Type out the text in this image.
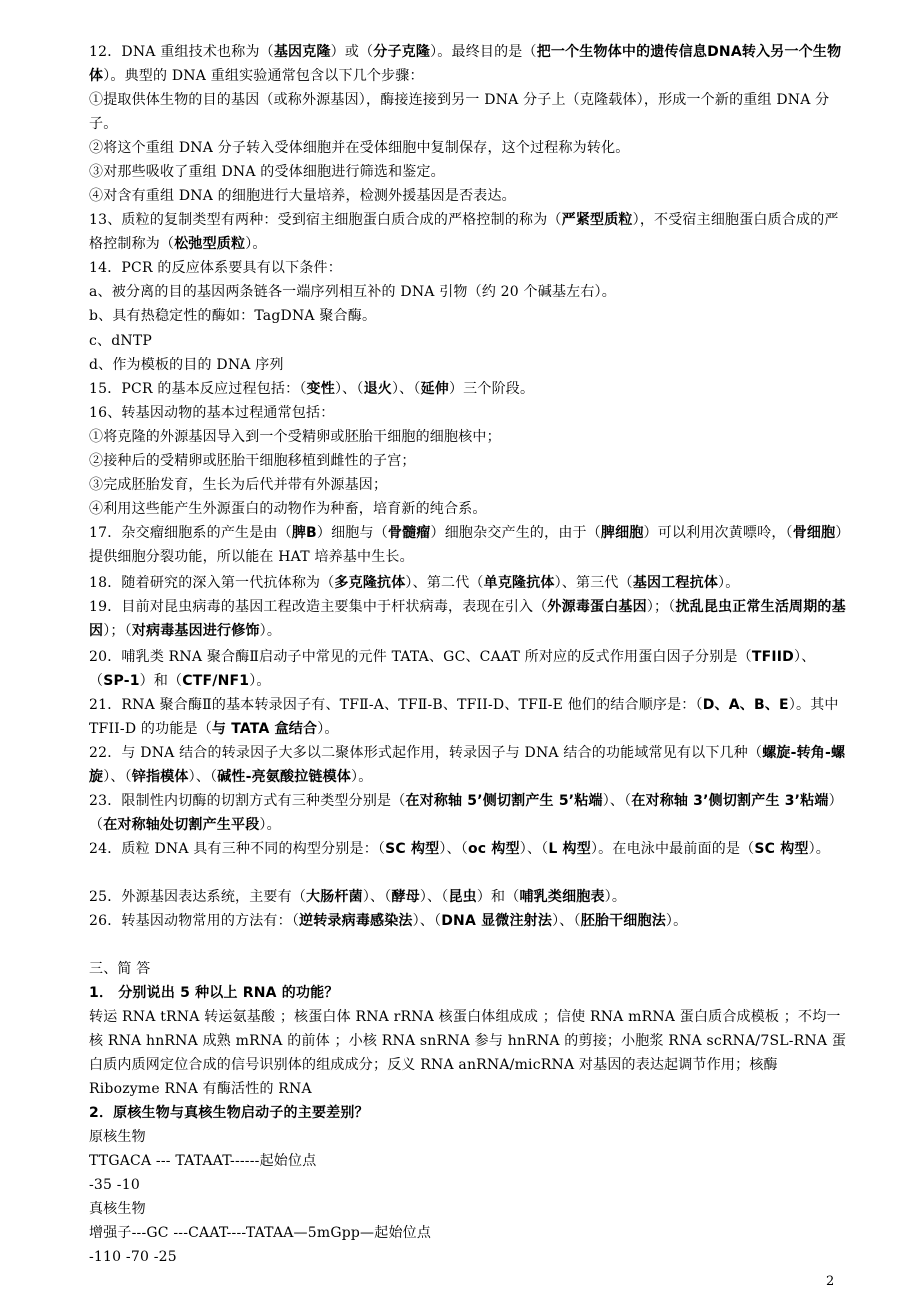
12．DNA 重组技术也称为（基因克隆）或（分子克隆）。最终目的是（把一个生物体中的遗传信息DNA转入另一个生物体）。典型的 DNA 重组实验通常包含以下几个步骤：
①提取供体生物的目的基因（或称外源基因），酶接连接到另一 DNA 分子上（克隆载体），形成一个新的重组 DNA 分子。
②将这个重组 DNA 分子转入受体细胞并在受体细胞中复制保存，这个过程称为转化。
③对那些吸收了重组 DNA 的受体细胞进行筛选和鉴定。
④对含有重组 DNA 的细胞进行大量培养，检测外援基因是否表达。
13、质粒的复制类型有两种：受到宿主细胞蛋白质合成的严格控制的称为（严紧型质粒），不受宿主细胞蛋白质合成的严格控制称为（松弛型质粒）。
14．PCR 的反应体系要具有以下条件：
a、被分离的目的基因两条链各一端序列相互补的 DNA 引物（约 20 个碱基左右）。
b、具有热稳定性的酶如：TagDNA 聚合酶。
c、dNTP
d、作为模板的目的 DNA 序列
15．PCR 的基本反应过程包括：（变性）、（退火）、（延伸）三个阶段。
16、转基因动物的基本过程通常包括：
①将克隆的外源基因导入到一个受精卵或胚胎干细胞的细胞核中；
②接种后的受精卵或胚胎干细胞移植到雌性的子宫；
③完成胚胎发育，生长为后代并带有外源基因；
④利用这些能产生外源蛋白的动物作为种畜，培育新的纯合系。
17．杂交瘤细胞系的产生是由（脾B）细胞与（骨髓瘤）细胞杂交产生的，由于（脾细胞）可以利用次黄嘌呤，（骨细胞）提供细胞分裂功能，所以能在 HAT 培养基中生长。
18．随着研究的深入第一代抗体称为（多克隆抗体）、第二代（单克隆抗体）、第三代（基因工程抗体）。
19．目前对昆虫病毒的基因工程改造主要集中于杆状病毒，表现在引入（外源毒蛋白基因）；（扰乱昆虫正常生活周期的基因）；（对病毒基因进行修饰）。
20．哺乳类 RNA 聚合酶Ⅱ启动子中常见的元件 TATA、GC、CAAT 所对应的反式作用蛋白因子分别是（TFIID）、（SP-1）和（CTF/NF1）。
21．RNA 聚合酶Ⅱ的基本转录因子有、TFⅡ-A、TFⅡ-B、TFII-D、TFⅡ-E 他们的结合顺序是：（D、A、B、E）。其中 TFII-D 的功能是（与 TATA 盒结合）。
22．与 DNA 结合的转录因子大多以二聚体形式起作用，转录因子与 DNA 结合的功能域常见有以下几种（螺旋-转角-螺旋）、（锌指模体）、（碱性-亮氨酸拉链模体）。
23．限制性内切酶的切割方式有三种类型分别是（在对称轴 5’侧切割产生 5’粘端）、（在对称轴 3’侧切割产生 3’粘端）（在对称轴处切割产生平段）。
24．质粒 DNA 具有三种不同的构型分别是：（SC 构型）、（oc 构型）、（L 构型）。在电泳中最前面的是（SC 构型）。
25．外源基因表达系统，主要有（大肠杆菌）、（酵母）、（昆虫）和（哺乳类细胞表）。
26．转基因动物常用的方法有：（逆转录病毒感染法）、（DNA 显微注射法）、（胚胎干细胞法）。
三、简 答
1． 分别说出 5 种以上 RNA 的功能？
转运 RNA tRNA 转运氨基酸 ；核蛋白体 RNA rRNA 核蛋白体组成成 ；信使 RNA mRNA 蛋白质合成模板 ；不均一核 RNA hnRNA 成熟 mRNA 的前体 ；小核 RNA snRNA 参与 hnRNA 的剪接；小胞浆 RNA scRNA/7SL-RNA 蛋白质内质网定位合成的信号识别体的组成成分；反义 RNA anRNA/micRNA 对基因的表达起调节作用；核酶 Ribozyme RNA 有酶活性的 RNA
2．原核生物与真核生物启动子的主要差别？
原核生物
TTGACA --- TATAAT------起始位点
-35 -10
真核生物
增强子---GC ---CAAT----TATAA—5mGpp—起始位点
-110 -70 -25
2
